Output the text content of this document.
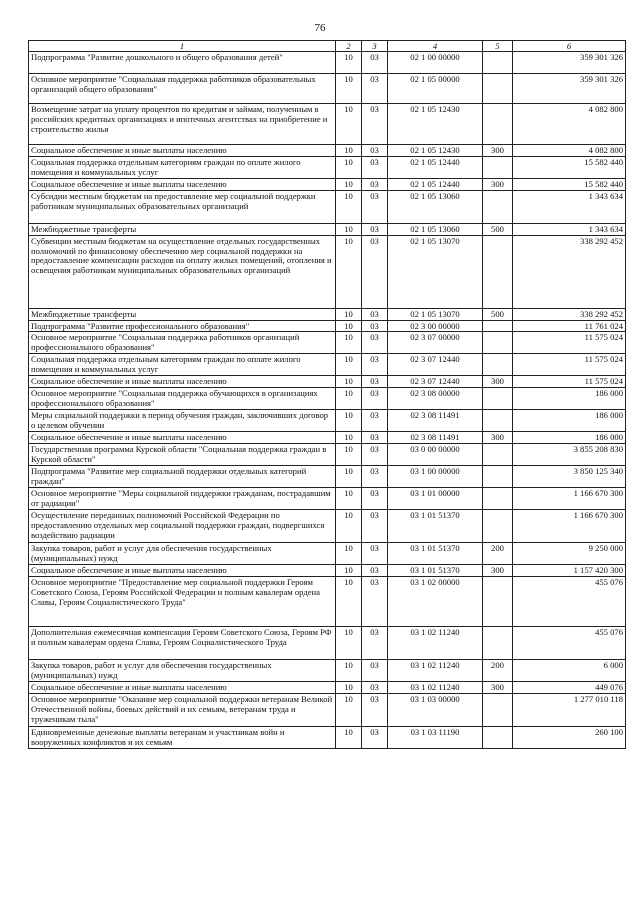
76
1	2	3	4	5	6
Подпрограмма "Развитие дошкольного и общего образования детей"	10	03	02 1 00 00000		359 301 326
Основное мероприятие "Социальная поддержка работников образовательных организаций общего образования"	10	03	02 1 05 00000		359 301 326
Возмещение затрат на уплату процентов по кредитам и займам, полученным в российских кредитных организациях и ипотечных агентствах на приобретение и строительство жилья	10	03	02 1 05 12430		4 082 800
Социальное обеспечение и иные выплаты населению	10	03	02 1 05 12430	300	4 082 800
Социальная поддержка отдельным категориям граждан по оплате жилого помещения и коммунальных услуг	10	03	02 1 05 12440		15 582 440
Социальное обеспечение и иные выплаты населению	10	03	02 1 05 12440	300	15 582 440
Субсидии местным бюджетам на предоставление мер социальной поддержки работникам муниципальных образовательных организаций	10	03	02 1 05 13060		1 343 634
Межбюджетные трансферты	10	03	02 1 05 13060	500	1 343 634
Субвенции местным бюджетам на осуществление отдельных государственных полномочий по финансовому обеспечению мер социальной поддержки на предоставление компенсации расходов на оплату жилых помещений, отопления и освещения работникам муниципальных образовательных организаций	10	03	02 1 05 13070		338 292 452
Межбюджетные трансферты	10	03	02 1 05 13070	500	338 292 452
Подпрограмма "Развитие профессионального образования"	10	03	02 3 00 00000		11 761 024
Основное мероприятие "Социальная поддержка работников организаций профессионального образования"	10	03	02 3 07 00000		11 575 024
Социальная поддержка отдельным категориям граждан по оплате жилого помещения и коммунальных услуг	10	03	02 3 07 12440		11 575 024
Социальное обеспечение и иные выплаты населению	10	03	02 3 07 12440	300	11 575 024
Основное мероприятие "Социальная поддержка обучающихся в организациях профессионального образования"	10	03	02 3 08 00000		186 000
Меры социальной поддержки в период обучения граждан, заключивших договор о целевом обучении	10	03	02 3 08 11491		186 000
Социальное обеспечение и иные выплаты населению	10	03	02 3 08 11491	300	186 000
Государственная программа Курской области "Социальная поддержка граждан в Курской области"	10	03	03 0 00 00000		3 855 208 830
Подпрограмма "Развитие мер социальной поддержки отдельных категорий граждан"	10	03	03 1 00 00000		3 850 125 340
Основное мероприятие "Меры социальной поддержки гражданам, пострадавшим от радиации"	10	03	03 1 01 00000		1 166 670 300
Осуществление переданных полномочий Российской Федерации по предоставлению отдельных мер социальной поддержки граждан, подвергшихся воздействию радиации	10	03	03 1 01 51370		1 166 670 300
Закупка товаров, работ и услуг для обеспечения государственных (муниципальных) нужд	10	03	03 1 01 51370	200	9 250 000
Социальное обеспечение и иные выплаты населению	10	03	03 1 01 51370	300	1 157 420 300
Основное мероприятие "Предоставление мер социальной поддержки Героям Советского Союза, Героям Российской Федерации и полным кавалерам ордена Славы, Героям Социалистического Труда"	10	03	03 1 02 00000		455 076
Дополнительная ежемесячная компенсация Героям Советского Союза, Героям РФ и полным кавалерам ордена Славы, Героям Социалистического Труда	10	03	03 1 02 11240		455 076
Закупка товаров, работ и услуг для обеспечения государственных (муниципальных) нужд	10	03	03 1 02 11240	200	6 000
Социальное обеспечение и иные выплаты населению	10	03	03 1 02 11240	300	449 076
Основное мероприятие "Оказание мер социальной поддержки ветеранам Великой Отечественной войны, боевых действий и их семьям, ветеранам труда и труженикам тыла"	10	03	03 1 03 00000		1 277 010 118
Единовременные денежные выплаты ветеранам и участникам войн и вооруженных конфликтов и их семьям	10	03	03 1 03 11190		260 100
